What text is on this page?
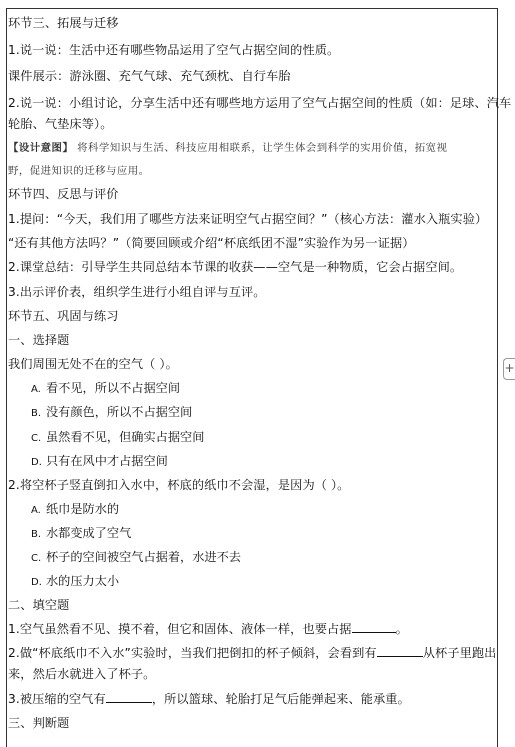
环节三、拓展与迁移
1.说一说：生活中还有哪些物品运用了空气占据空间的性质。
课件展示：游泳圈、充气气球、充气颈枕、自行车胎
2.说一说：小组讨论，分享生活中还有哪些地方运用了空气占据空间的性质（如：足球、汽车
轮胎、气垫床等）。
【设计意图】 将科学知识与生活、科技应用相联系，让学生体会到科学的实用价值，拓宽视
野，促进知识的迁移与应用。
环节四、反思与评价
1.提问：“今天，我们用了哪些方法来证明空气占据空间？”（核心方法：灌水入瓶实验）
“还有其他方法吗？”（简要回顾或介绍“杯底纸团不湿”实验作为另一证据）
2.课堂总结：引导学生共同总结本节课的收获——空气是一种物质，它会占据空间。
3.出示评价表，组织学生进行小组自评与互评。
环节五、巩固与练习
一、选择题
我们周围无处不在的空气（ ）。
A. 看不见，所以不占据空间
B. 没有颜色，所以不占据空间
C. 虽然看不见，但确实占据空间
D. 只有在风中才占据空间
2.将空杯子竖直倒扣入水中，杯底的纸巾不会湿，是因为（ ）。
A. 纸巾是防水的
B. 水都变成了空气
C. 杯子的空间被空气占据着，水进不去
D. 水的压力太小
二、填空题
1.空气虽然看不见、摸不着，但它和固体、液体一样，也要占据	。
2.做“杯底纸巾不入水”实验时，当我们把倒扣的杯子倾斜，会看到有	从杯子里跑出
来，然后水就进入了杯子。
3.被压缩的空气有	，所以篮球、轮胎打足气后能弹起来、能承重。
三、判断题
+
